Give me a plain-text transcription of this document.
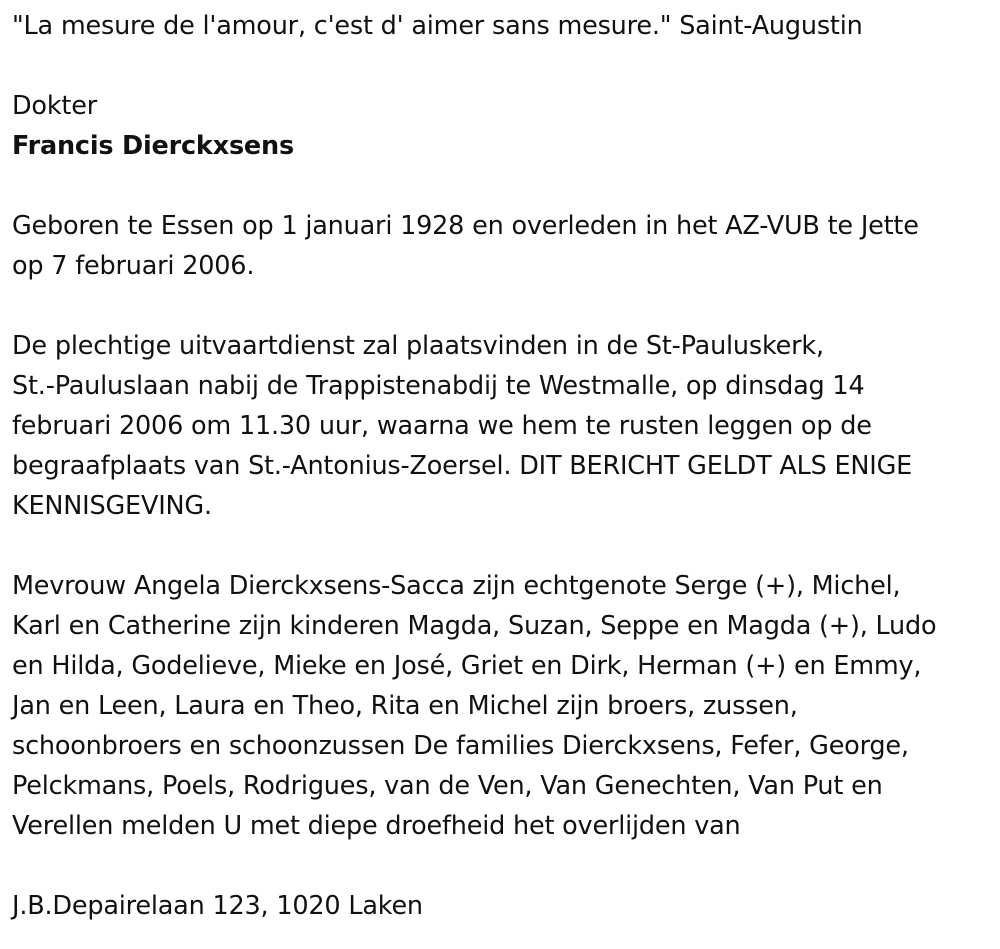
"La mesure de l'amour, c'est d' aimer sans mesure." Saint-Augustin

Dokter

Francis Dierckxsens

Geboren te Essen op 1 januari 1928 en overleden in het AZ-VUB te Jette

op 7 februari 2006.

De plechtige uitvaartdienst zal plaatsvinden in de St-Pauluskerk,

St.-Pauluslaan nabij de Trappistenabdij te Westmalle, op dinsdag 14

februari 2006 om 11.30 uur, waarna we hem te rusten leggen op de

begraafplaats van St.-Antonius-Zoersel. DIT BERICHT GELDT ALS ENIGE

KENNISGEVING.

Mevrouw Angela Dierckxsens-Sacca zijn echtgenote Serge (+), Michel,

Karl en Catherine zijn kinderen Magda, Suzan, Seppe en Magda (+), Ludo

en Hilda, Godelieve, Mieke en José, Griet en Dirk, Herman (+) en Emmy,

Jan en Leen, Laura en Theo, Rita en Michel zijn broers, zussen,

schoonbroers en schoonzussen De families Dierckxsens, Fefer, George,

Pelckmans, Poels, Rodrigues, van de Ven, Van Genechten, Van Put en

Verellen melden U met diepe droefheid het overlijden van

J.B.Depairelaan 123, 1020 Laken
